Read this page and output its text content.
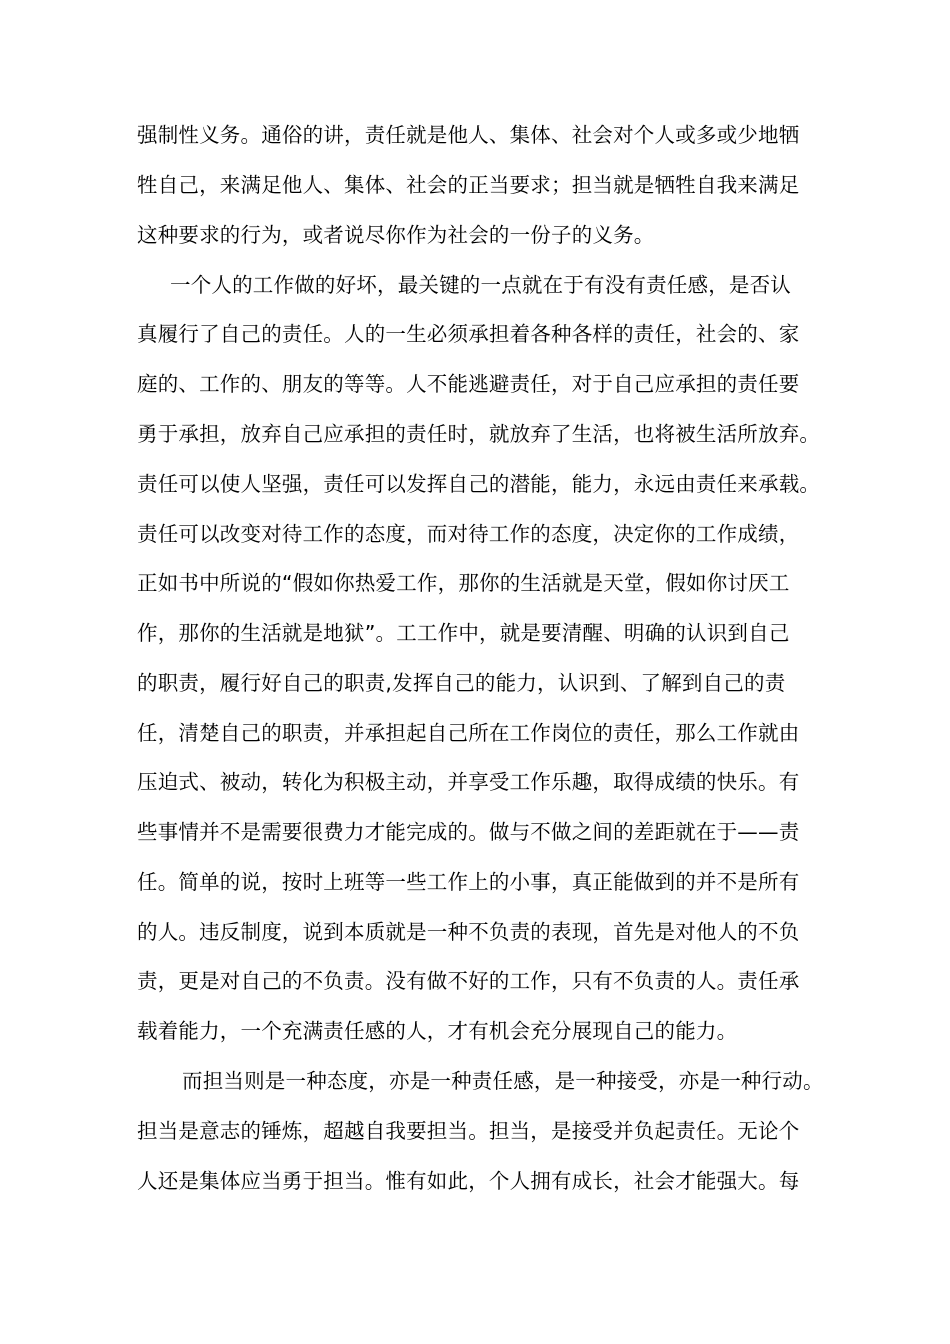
强制性义务。通俗的讲，责任就是他人、集体、社会对个人或多或少地牺
牲自己，来满足他人、集体、社会的正当要求；担当就是牺牲自我来满足
这种要求的行为，或者说尽你作为社会的一份子的义务。
一个人的工作做的好坏，最关键的一点就在于有没有责任感，是否认
真履行了自己的责任。人的一生必须承担着各种各样的责任，社会的、家
庭的、工作的、朋友的等等。人不能逃避责任，对于自己应承担的责任要
勇于承担，放弃自己应承担的责任时，就放弃了生活，也将被生活所放弃。
责任可以使人坚强，责任可以发挥自己的潜能，能力，永远由责任来承载。
责任可以改变对待工作的态度，而对待工作的态度，决定你的工作成绩，
正如书中所说的“假如你热爱工作，那你的生活就是天堂，假如你讨厌工
作，那你的生活就是地狱”。工工作中，就是要清醒、明确的认识到自己
的职责，履行好自己的职责,发挥自己的能力，认识到、了解到自己的责
任，清楚自己的职责，并承担起自己所在工作岗位的责任，那么工作就由
压迫式、被动，转化为积极主动，并享受工作乐趣，取得成绩的快乐。有
些事情并不是需要很费力才能完成的。做与不做之间的差距就在于——责
任。简单的说，按时上班等一些工作上的小事，真正能做到的并不是所有
的人。违反制度，说到本质就是一种不负责的表现，首先是对他人的不负
责，更是对自己的不负责。没有做不好的工作，只有不负责的人。责任承
载着能力，一个充满责任感的人，才有机会充分展现自己的能力。
而担当则是一种态度，亦是一种责任感，是一种接受，亦是一种行动。
担当是意志的锤炼，超越自我要担当。担当，是接受并负起责任。无论个
人还是集体应当勇于担当。惟有如此，个人拥有成长，社会才能强大。每
